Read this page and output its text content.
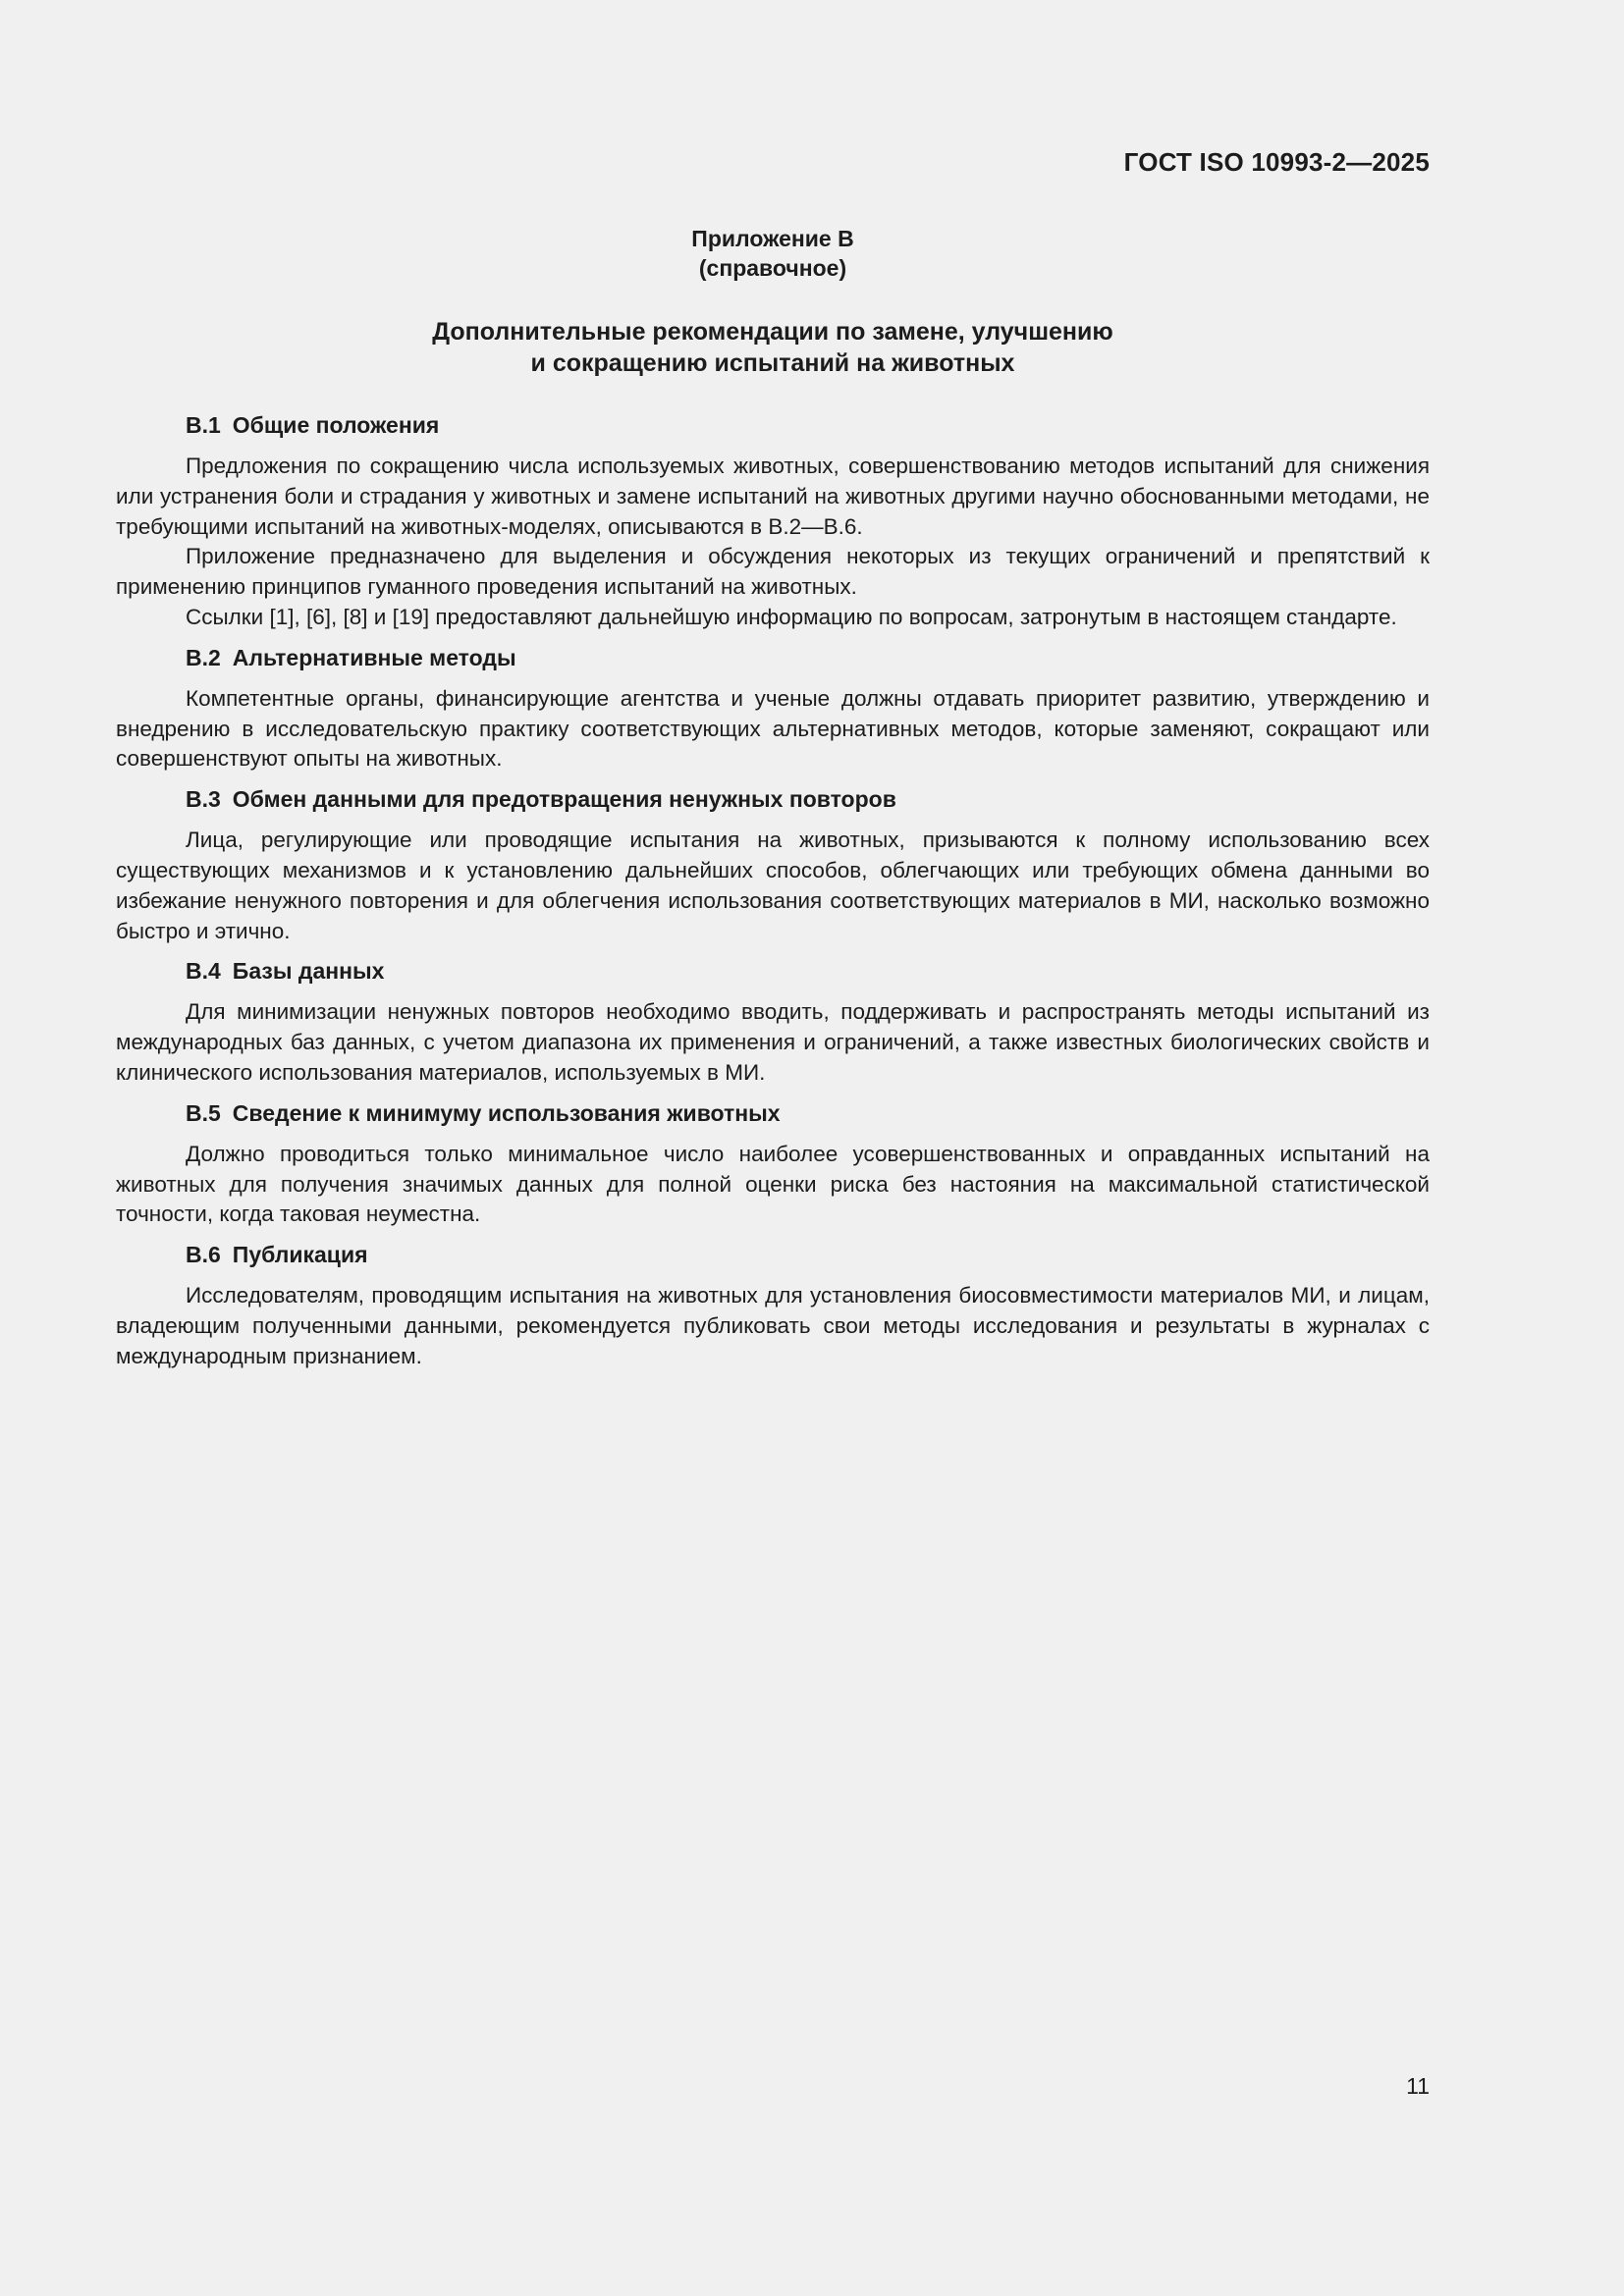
ГОСТ ISO 10993-2—2025
Приложение В
(справочное)
Дополнительные рекомендации по замене, улучшению
и сокращению испытаний на животных
В.1 Общие положения

Предложения по сокращению числа используемых животных, совершенствованию методов испытаний для снижения или устранения боли и страдания у животных и замене испытаний на животных другими научно обоснованными методами, не требующими испытаний на животных-моделях, описываются в В.2—В.6.

Приложение предназначено для выделения и обсуждения некоторых из текущих ограничений и препятствий к применению принципов гуманного проведения испытаний на животных.

Ссылки [1], [6], [8] и [19] предоставляют дальнейшую информацию по вопросам, затронутым в настоящем стандарте.

В.2 Альтернативные методы

Компетентные органы, финансирующие агентства и ученые должны отдавать приоритет развитию, утверждению и внедрению в исследовательскую практику соответствующих альтернативных методов, которые заменяют, сокращают или совершенствуют опыты на животных.

В.3 Обмен данными для предотвращения ненужных повторов

Лица, регулирующие или проводящие испытания на животных, призываются к полному использованию всех существующих механизмов и к установлению дальнейших способов, облегчающих или требующих обмена данными во избежание ненужного повторения и для облегчения использования соответствующих материалов в МИ, насколько возможно быстро и этично.

В.4 Базы данных

Для минимизации ненужных повторов необходимо вводить, поддерживать и распространять методы испытаний из международных баз данных, с учетом диапазона их применения и ограничений, а также известных биологических свойств и клинического использования материалов, используемых в МИ.

В.5 Сведение к минимуму использования животных

Должно проводиться только минимальное число наиболее усовершенствованных и оправданных испытаний на животных для получения значимых данных для полной оценки риска без настояния на максимальной статистической точности, когда таковая неуместна.

В.6 Публикация

Исследователям, проводящим испытания на животных для установления биосовместимости материалов МИ, и лицам, владеющим полученными данными, рекомендуется публиковать свои методы исследования и результаты в журналах с международным признанием.

11
